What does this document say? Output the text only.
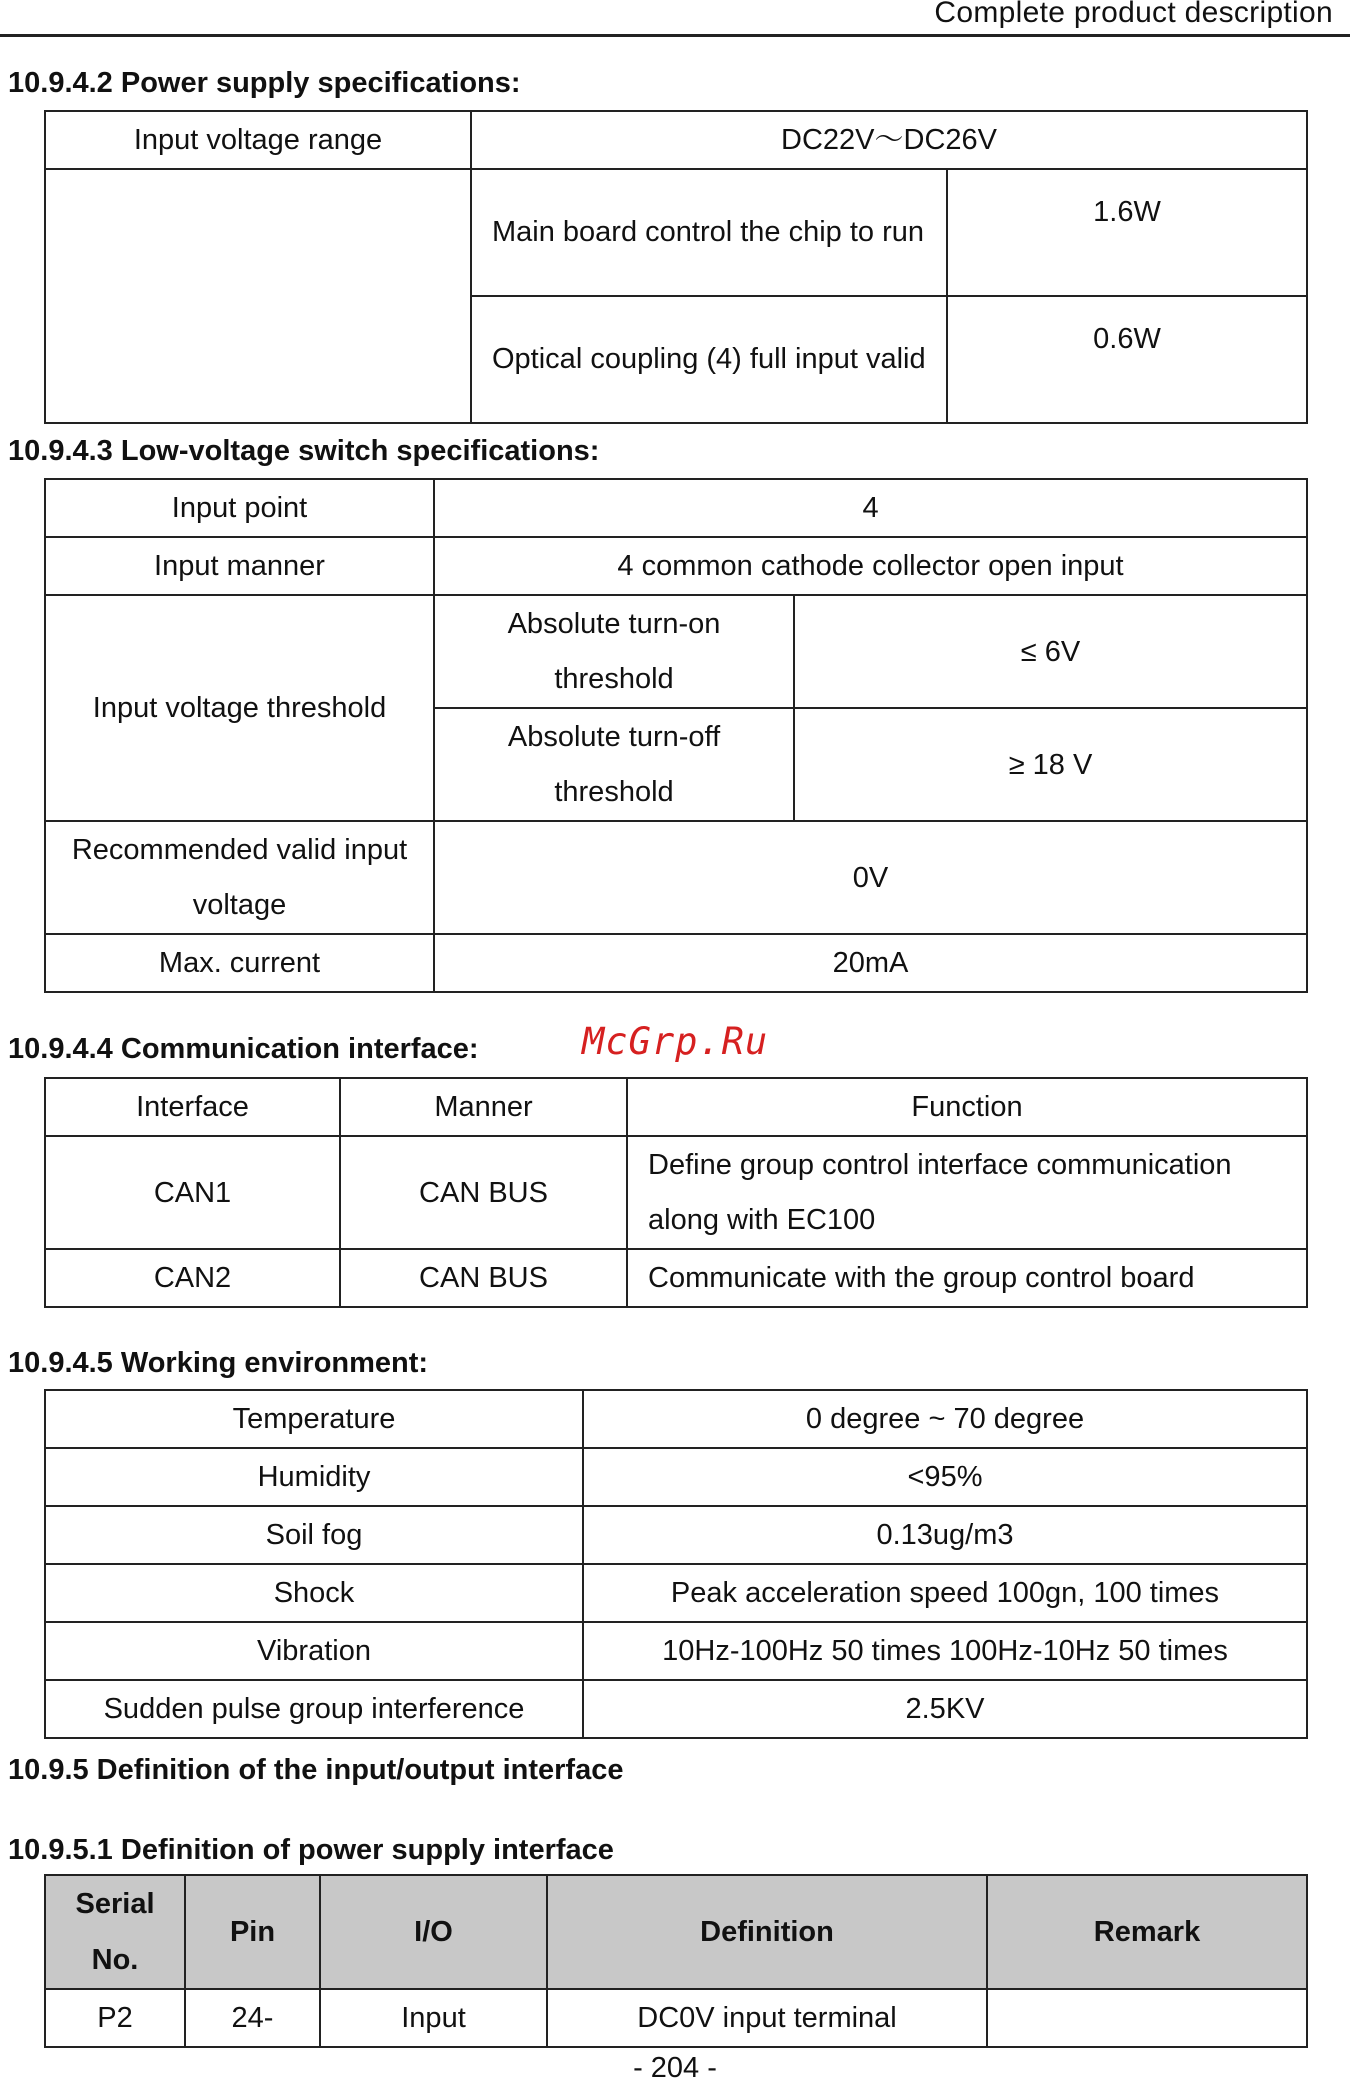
Complete product description
10.9.4.2 Power supply specifications:
Input voltage range	DC22V～DC26V	
	Main board control the chip to run	1.6W
	Optical coupling (4) full input valid	0.6W
10.9.4.3 Low-voltage switch specifications:
Input point	4	
Input manner	4 common cathode collector open input	
Input voltage threshold	Absolute turn-on threshold	≤ 6V
	Absolute turn-off threshold	≥ 18 V
Recommended valid input voltage	0V	
Max. current	20mA	
10.9.4.4 Communication interface:	McGrp.Ru
Interface	Manner	Function
CAN1	CAN BUS	Define group control interface communication along with EC100
CAN2	CAN BUS	Communicate with the group control board
10.9.4.5 Working environment:
Temperature	0 degree ~ 70 degree
Humidity	<95%
Soil fog	0.13ug/m3
Shock	Peak acceleration speed 100gn, 100 times
Vibration	10Hz-100Hz 50 times 100Hz-10Hz 50 times
Sudden pulse group interference	2.5KV
10.9.5 Definition of the input/output interface
10.9.5.1 Definition of power supply interface
Serial No.	Pin	I/O	Definition	Remark
P2	24-	Input	DC0V input terminal	
- 204 -
